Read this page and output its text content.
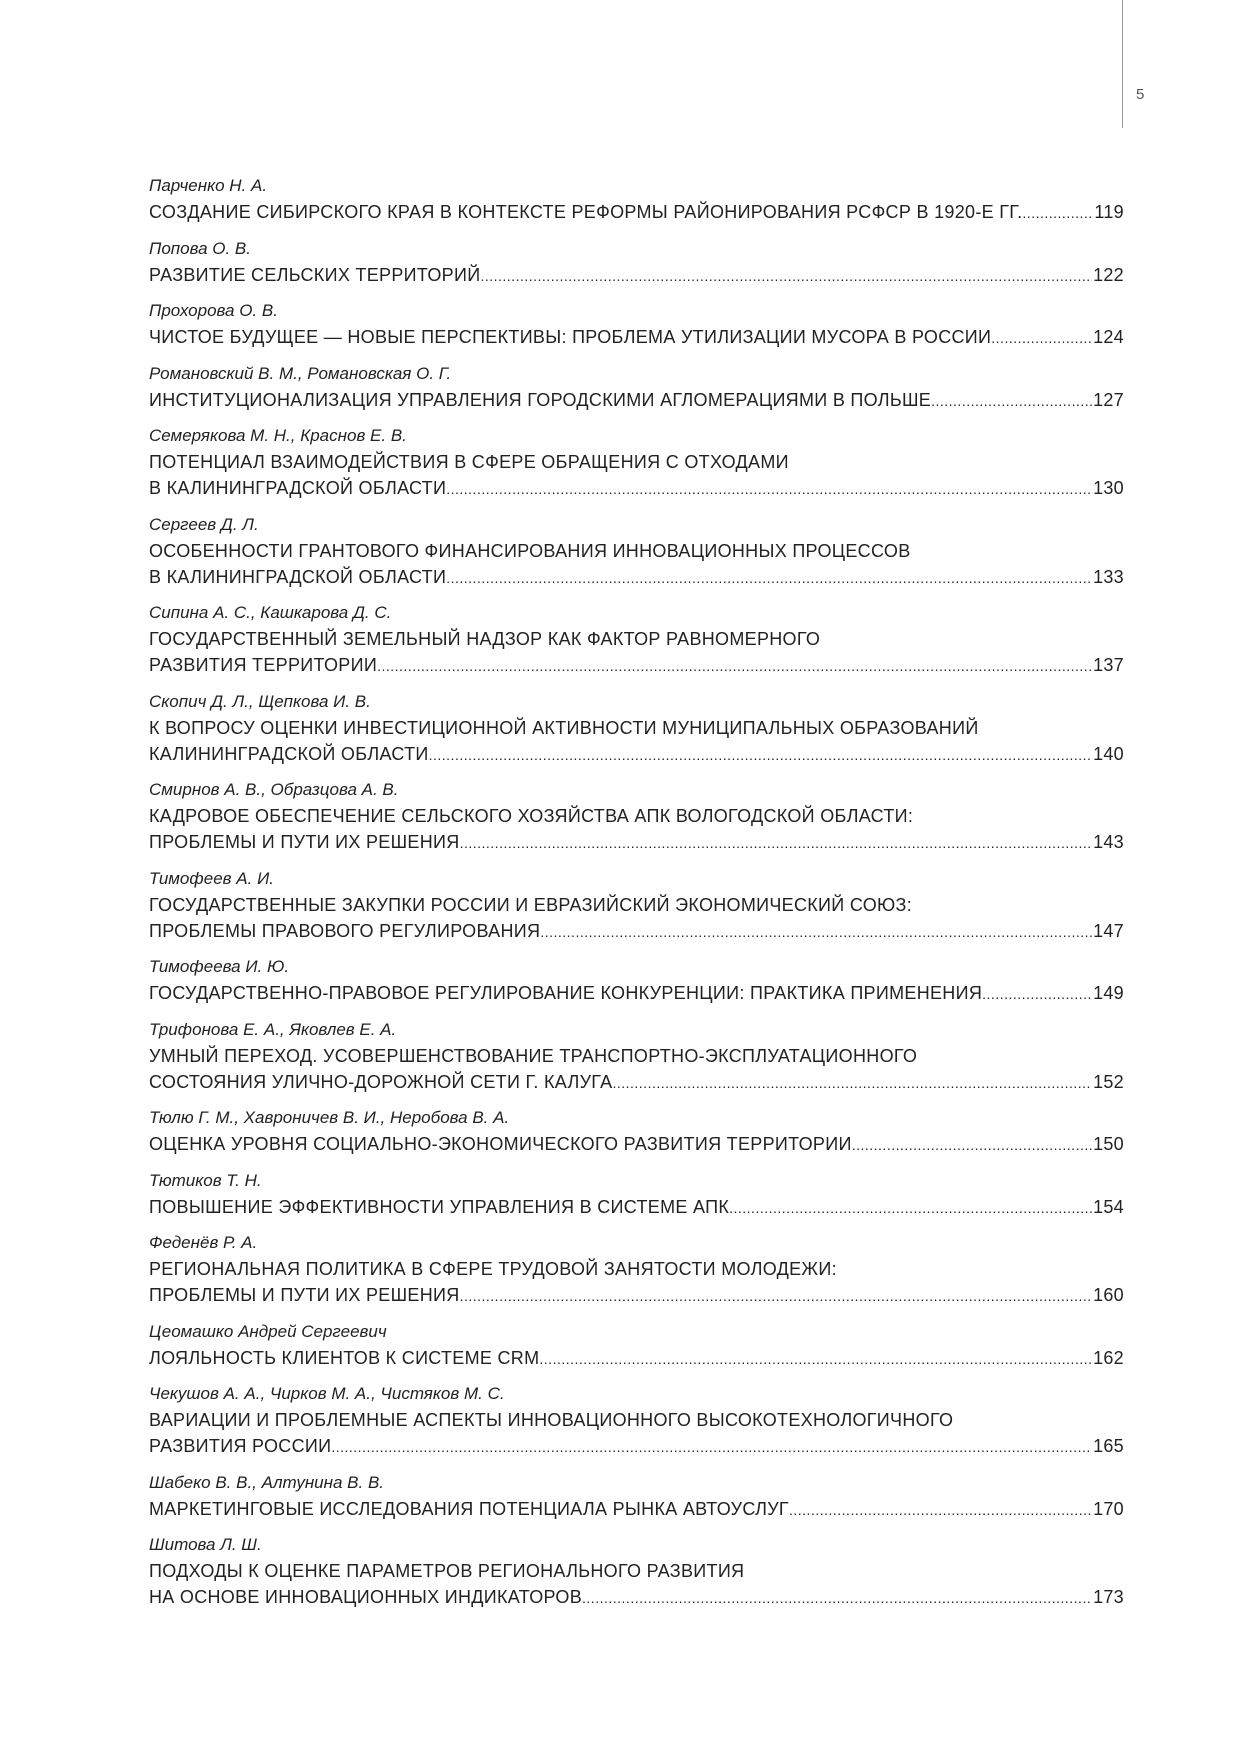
5
Парченко Н. А.
СОЗДАНИЕ СИБИРСКОГО КРАЯ В КОНТЕКСТЕ РЕФОРМЫ РАЙОНИРОВАНИЯ РСФСР В 1920-Е ГГ. .....	119
Попова О. В.
РАЗВИТИЕ СЕЛЬСКИХ ТЕРРИТОРИЙ .....	122
Прохорова О. В.
ЧИСТОЕ БУДУЩЕЕ — НОВЫЕ ПЕРСПЕКТИВЫ: ПРОБЛЕМА УТИЛИЗАЦИИ МУСОРА В РОССИИ .....	124
Романовский В. М., Романовская О. Г.
ИНСТИТУЦИОНАЛИЗАЦИЯ УПРАВЛЕНИЯ ГОРОДСКИМИ АГЛОМЕРАЦИЯМИ В ПОЛЬШЕ .....	127
Семерякова М. Н., Краснов Е. В.
ПОТЕНЦИАЛ ВЗАИМОДЕЙСТВИЯ В СФЕРЕ ОБРАЩЕНИЯ С ОТХОДАМИ
В КАЛИНИНГРАДСКОЙ ОБЛАСТИ .....	130
Сергеев Д. Л.
ОСОБЕННОСТИ ГРАНТОВОГО ФИНАНСИРОВАНИЯ ИННОВАЦИОННЫХ ПРОЦЕССОВ
В КАЛИНИНГРАДСКОЙ ОБЛАСТИ .....	133
Сипина А. С., Кашкарова Д. С.
ГОСУДАРСТВЕННЫЙ ЗЕМЕЛЬНЫЙ НАДЗОР КАК ФАКТОР РАВНОМЕРНОГО
РАЗВИТИЯ ТЕРРИТОРИИ .....	137
Скопич Д. Л., Щепкова И. В.
К ВОПРОСУ ОЦЕНКИ ИНВЕСТИЦИОННОЙ АКТИВНОСТИ МУНИЦИПАЛЬНЫХ ОБРАЗОВАНИЙ
КАЛИНИНГРАДСКОЙ ОБЛАСТИ .....	140
Смирнов А. В., Образцова А. В.
КАДРОВОЕ ОБЕСПЕЧЕНИЕ СЕЛЬСКОГО ХОЗЯЙСТВА АПК ВОЛОГОДСКОЙ ОБЛАСТИ:
ПРОБЛЕМЫ И ПУТИ ИХ РЕШЕНИЯ .....	143
Тимофеев А. И.
ГОСУДАРСТВЕННЫЕ ЗАКУПКИ РОССИИ И ЕВРАЗИЙСКИЙ ЭКОНОМИЧЕСКИЙ СОЮЗ:
ПРОБЛЕМЫ ПРАВОВОГО РЕГУЛИРОВАНИЯ .....	147
Тимофеева И. Ю.
ГОСУДАРСТВЕННО-ПРАВОВОЕ РЕГУЛИРОВАНИЕ КОНКУРЕНЦИИ: ПРАКТИКА ПРИМЕНЕНИЯ .....	149
Трифонова Е. А., Яковлев Е. А.
УМНЫЙ ПЕРЕХОД. УСОВЕРШЕНСТВОВАНИЕ ТРАНСПОРТНО-ЭКСПЛУАТАЦИОННОГО
СОСТОЯНИЯ УЛИЧНО-ДОРОЖНОЙ СЕТИ Г. КАЛУГА .....	152
Тюлю Г. М., Хавроничев В. И., Неробова В. А.
ОЦЕНКА УРОВНЯ СОЦИАЛЬНО-ЭКОНОМИЧЕСКОГО РАЗВИТИЯ ТЕРРИТОРИИ .....	150
Тютиков Т. Н.
ПОВЫШЕНИЕ ЭФФЕКТИВНОСТИ УПРАВЛЕНИЯ В СИСТЕМЕ АПК .....	154
Феденёв Р. А.
РЕГИОНАЛЬНАЯ ПОЛИТИКА В СФЕРЕ ТРУДОВОЙ ЗАНЯТОСТИ МОЛОДЕЖИ:
ПРОБЛЕМЫ И ПУТИ ИХ РЕШЕНИЯ .....	160
Цеомашко Андрей Сергеевич
ЛОЯЛЬНОСТЬ КЛИЕНТОВ К СИСТЕМЕ CRM .....	162
Чекушов А. А., Чирков М. А., Чистяков М. С.
ВАРИАЦИИ И ПРОБЛЕМНЫЕ АСПЕКТЫ ИННОВАЦИОННОГО ВЫСОКОТЕХНОЛОГИЧНОГО
РАЗВИТИЯ РОССИИ .....	165
Шабеко В. В., Алтунина В. В.
МАРКЕТИНГОВЫЕ ИССЛЕДОВАНИЯ ПОТЕНЦИАЛА РЫНКА АВТОУСЛУГ .....	170
Шитова Л. Ш.
ПОДХОДЫ К ОЦЕНКЕ ПАРАМЕТРОВ РЕГИОНАЛЬНОГО РАЗВИТИЯ
НА ОСНОВЕ ИННОВАЦИОННЫХ ИНДИКАТОРОВ .....	173
